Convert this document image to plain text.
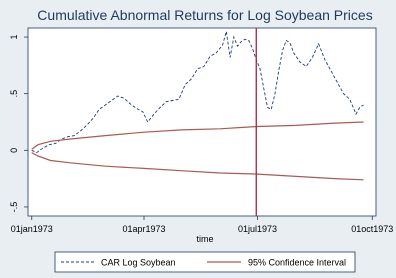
Cumulative Abnormal Returns for Log Soybean Prices
-.5
0
.5
1
01jan1973	01apr1973	01jul1973	01oct1973
time
CAR Log Soybean	95% Confidence Interval
